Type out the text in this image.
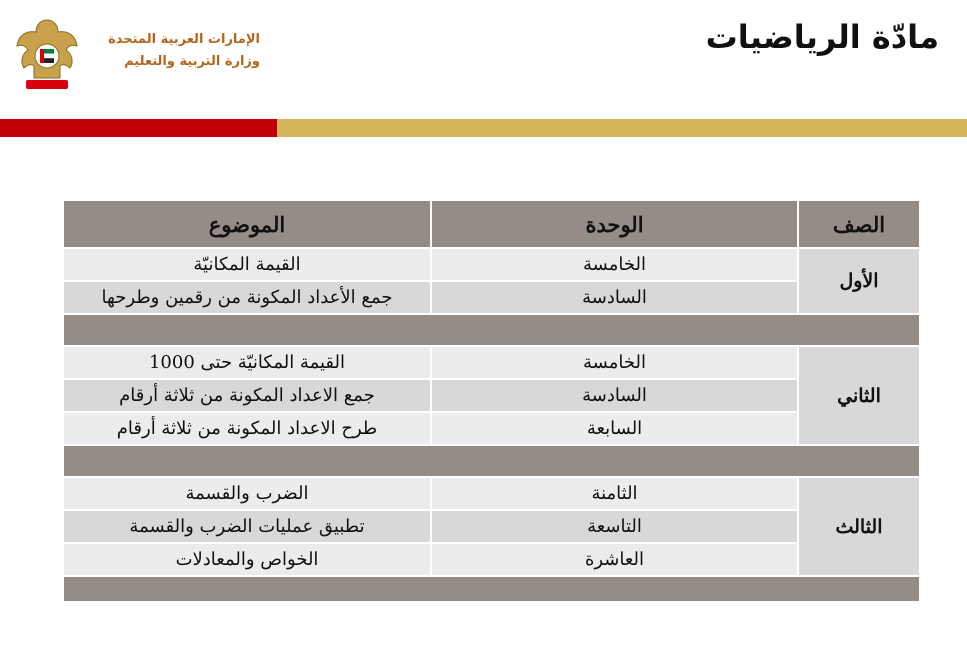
الإمارات العربية المتحدة
وزارة التربية والتعليم
مادّة الرياضيات
الصف	الوحدة	الموضوع
الأول	الخامسة	القيمة المكانيّة
	السادسة	جمع الأعداد المكونة من رقمين وطرحها

الثاني	الخامسة	القيمة المكانيّة حتى 1000
	السادسة	جمع الاعداد المكونة من ثلاثة أرقام
	السابعة	طرح الاعداد المكونة من ثلاثة أرقام

الثالث	الثامنة	الضرب والقسمة
	التاسعة	تطبيق عمليات الضرب والقسمة
	العاشرة	الخواص والمعادلات
